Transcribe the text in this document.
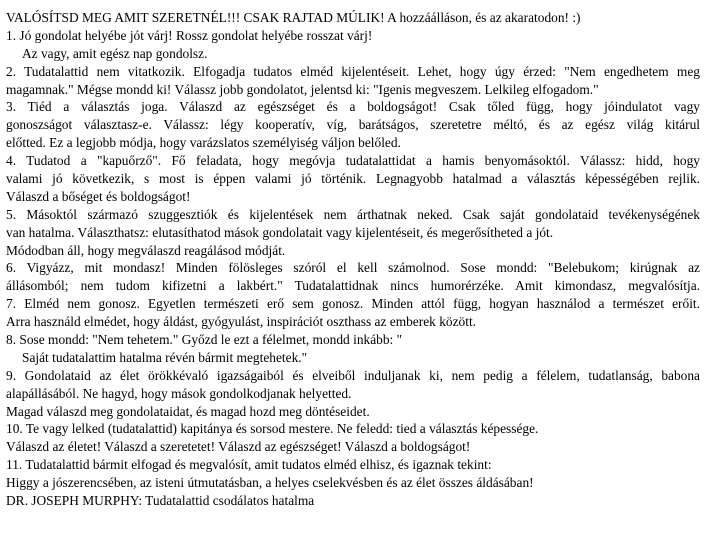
VALÓSÍTSD MEG AMIT SZERETNÉL!!! CSAK RAJTAD MÚLIK! A hozzáálláson, és az akaratodon! :)
1. Jó gondolat helyébe jót várj! Rossz gondolat helyébe rosszat várj!
Az vagy, amit egész nap gondolsz.
2. Tudatalattid nem vitatkozik. Elfogadja tudatos elméd kijelentéseit. Lehet, hogy úgy érzed: "Nem engedhetem meg
magamnak." Mégse mondd ki! Válassz jobb gondolatot, jelentsd ki: "Igenis megveszem. Lelkileg elfogadom."
3. Tiéd a választás joga. Válaszd az egészséget és a boldogságot! Csak tőled függ, hogy jóindulatot vagy
gonoszságot választasz-e. Válassz: légy kooperatív, víg, barátságos, szeretetre méltó, és az egész világ kitárul
előtted. Ez a legjobb módja, hogy varázslatos személyiség váljon belőled.
4. Tudatod a "kapuőrző". Fő feladata, hogy megóvja tudatalattidat a hamis benyomásoktól. Válassz: hidd, hogy
valami jó következik, s most is éppen valami jó történik. Legnagyobb hatalmad a választás képességében rejlik.
Válaszd a bőséget és boldogságot!
5. Másoktól származó szuggesztiók és kijelentések nem árthatnak neked. Csak saját gondolataid tevékenységének
van hatalma. Választhatsz: elutasíthatod mások gondolatait vagy kijelentéseit, és megerősítheted a jót.
Módodban áll, hogy megválaszd reagálásod módját.
6. Vigyázz, mit mondasz! Minden fölösleges szóról el kell számolnod. Sose mondd: "Belebukom; kirúgnak az
állásomból; nem tudom kifizetni a lakbért." Tudatalattidnak nincs humorérzéke. Amit kimondasz, megvalósítja.
7. Elméd nem gonosz. Egyetlen természeti erő sem gonosz. Minden attól függ, hogyan használod a természet erőit.
Arra használd elmédet, hogy áldást, gyógyulást, inspirációt oszthass az emberek között.
8. Sose mondd: "Nem tehetem." Győzd le ezt a félelmet, mondd inkább: "
Saját tudatalattim hatalma révén bármit megtehetek."
9. Gondolataid az élet örökkévaló igazságaiból és elveiből induljanak ki, nem pedig a félelem, tudatlanság, babona
alapállásából. Ne hagyd, hogy mások gondolkodjanak helyetted.
Magad válaszd meg gondolataidat, és magad hozd meg döntéseidet.
10. Te vagy lelked (tudatalattid) kapitánya és sorsod mestere. Ne feledd: tied a választás képessége.
Válaszd az életet! Válaszd a szeretetet! Válaszd az egészséget! Válaszd a boldogságot!
11. Tudatalattid bármit elfogad és megvalósít, amit tudatos elméd elhisz, és igaznak tekint:
Higgy a jószerencsében, az isteni útmutatásban, a helyes cselekvésben és az élet összes áldásában!
DR. JOSEPH MURPHY: Tudatalattid csodálatos hatalma
